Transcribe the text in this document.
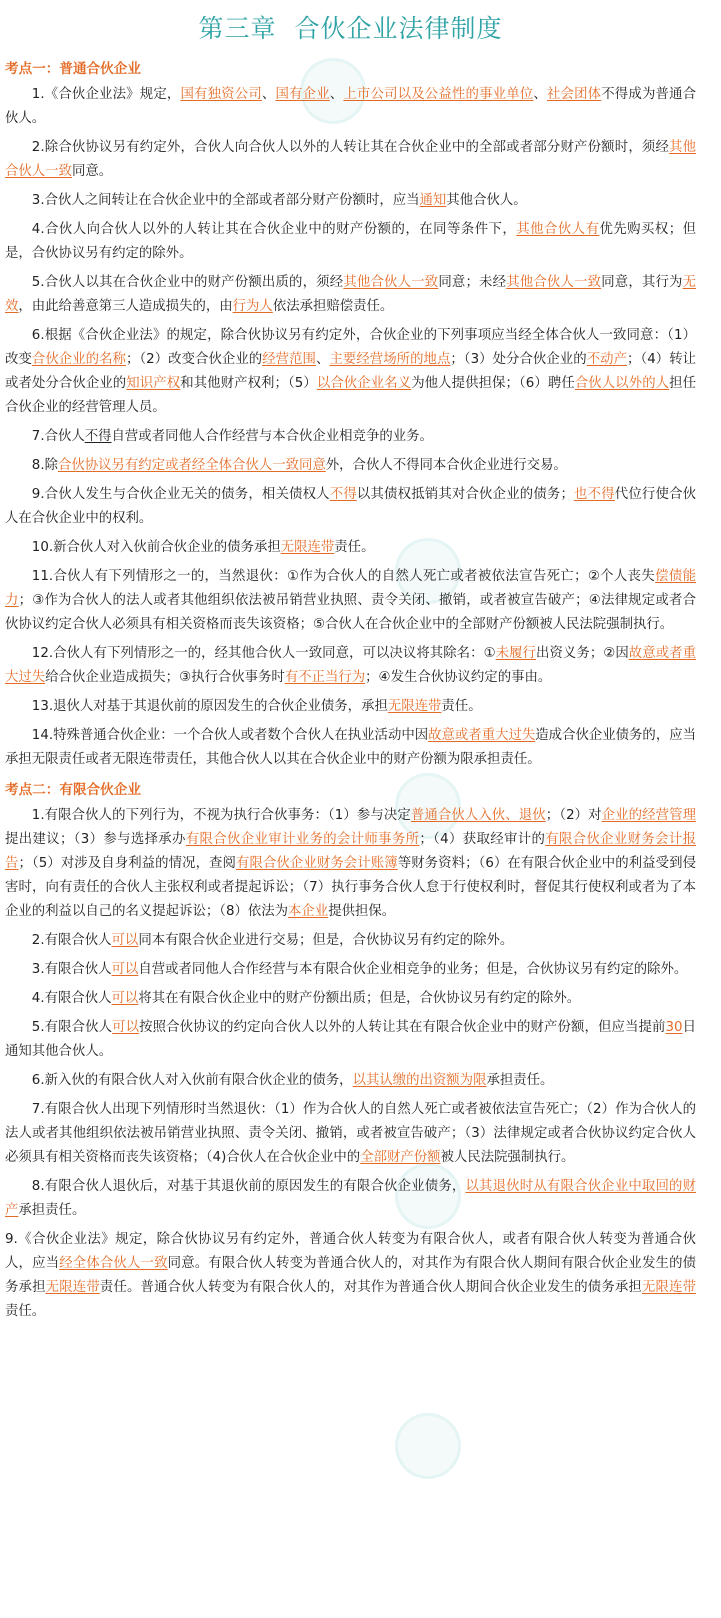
第三章  合伙企业法律制度
考点一：普通合伙企业
1.《合伙企业法》规定，国有独资公司、国有企业、上市公司以及公益性的事业单位、社会团体不得成为普通合伙人。
2.除合伙协议另有约定外，合伙人向合伙人以外的人转让其在合伙企业中的全部或者部分财产份额时，须经其他合伙人一致同意。
3.合伙人之间转让在合伙企业中的全部或者部分财产份额时，应当通知其他合伙人。
4.合伙人向合伙人以外的人转让其在合伙企业中的财产份额的，在同等条件下，其他合伙人有优先购买权；但是，合伙协议另有约定的除外。
5.合伙人以其在合伙企业中的财产份额出质的，须经其他合伙人一致同意；未经其他合伙人一致同意，其行为无效，由此给善意第三人造成损失的，由行为人依法承担赔偿责任。
6.根据《合伙企业法》的规定，除合伙协议另有约定外，合伙企业的下列事项应当经全体合伙人一致同意：（1）改变合伙企业的名称；（2）改变合伙企业的经营范围、主要经营场所的地点；（3）处分合伙企业的不动产；（4）转让或者处分合伙企业的知识产权和其他财产权利；（5）以合伙企业名义为他人提供担保；（6）聘任合伙人以外的人担任合伙企业的经营管理人员。
7.合伙人不得自营或者同他人合作经营与本合伙企业相竞争的业务。
8.除合伙协议另有约定或者经全体合伙人一致同意外，合伙人不得同本合伙企业进行交易。
9.合伙人发生与合伙企业无关的债务，相关债权人不得以其债权抵销其对合伙企业的债务；也不得代位行使合伙人在合伙企业中的权利。
10.新合伙人对入伙前合伙企业的债务承担无限连带责任。
11.合伙人有下列情形之一的，当然退伙：①作为合伙人的自然人死亡或者被依法宣告死亡；②个人丧失偿债能力；③作为合伙人的法人或者其他组织依法被吊销营业执照、责令关闭、撤销，或者被宣告破产；④法律规定或者合伙协议约定合伙人必须具有相关资格而丧失该资格；⑤合伙人在合伙企业中的全部财产份额被人民法院强制执行。
12.合伙人有下列情形之一的，经其他合伙人一致同意，可以决议将其除名：①未履行出资义务；②因故意或者重大过失给合伙企业造成损失；③执行合伙事务时有不正当行为；④发生合伙协议约定的事由。
13.退伙人对基于其退伙前的原因发生的合伙企业债务，承担无限连带责任。
14.特殊普通合伙企业：一个合伙人或者数个合伙人在执业活动中因故意或者重大过失造成合伙企业债务的，应当承担无限责任或者无限连带责任，其他合伙人以其在合伙企业中的财产份额为限承担责任。
考点二：有限合伙企业
1.有限合伙人的下列行为，不视为执行合伙事务：（1）参与决定普通合伙人入伙、退伙；（2）对企业的经营管理提出建议；（3）参与选择承办有限合伙企业审计业务的会计师事务所；（4）获取经审计的有限合伙企业财务会计报告；（5）对涉及自身利益的情况，查阅有限合伙企业财务会计账簿等财务资料；（6）在有限合伙企业中的利益受到侵害时，向有责任的合伙人主张权利或者提起诉讼；（7）执行事务合伙人怠于行使权利时，督促其行使权利或者为了本企业的利益以自己的名义提起诉讼；（8）依法为本企业提供担保。
2.有限合伙人可以同本有限合伙企业进行交易；但是，合伙协议另有约定的除外。
3.有限合伙人可以自营或者同他人合作经营与本有限合伙企业相竞争的业务；但是，合伙协议另有约定的除外。
4.有限合伙人可以将其在有限合伙企业中的财产份额出质；但是，合伙协议另有约定的除外。
5.有限合伙人可以按照合伙协议的约定向合伙人以外的人转让其在有限合伙企业中的财产份额，但应当提前30日通知其他合伙人。
6.新入伙的有限合伙人对入伙前有限合伙企业的债务，以其认缴的出资额为限承担责任。
7.有限合伙人出现下列情形时当然退伙：（1）作为合伙人的自然人死亡或者被依法宣告死亡；（2）作为合伙人的法人或者其他组织依法被吊销营业执照、责令关闭、撤销，或者被宣告破产；（3）法律规定或者合伙协议约定合伙人必须具有相关资格而丧失该资格；（4)合伙人在合伙企业中的全部财产份额被人民法院强制执行。
8.有限合伙人退伙后，对基于其退伙前的原因发生的有限合伙企业债务，以其退伙时从有限合伙企业中取回的财产承担责任。
9.《合伙企业法》规定，除合伙协议另有约定外，普通合伙人转变为有限合伙人，或者有限合伙人转变为普通合伙人，应当经全体合伙人一致同意。有限合伙人转变为普通合伙人的，对其作为有限合伙人期间有限合伙企业发生的债务承担无限连带责任。普通合伙人转变为有限合伙人的，对其作为普通合伙人期间合伙企业发生的债务承担无限连带责任。
